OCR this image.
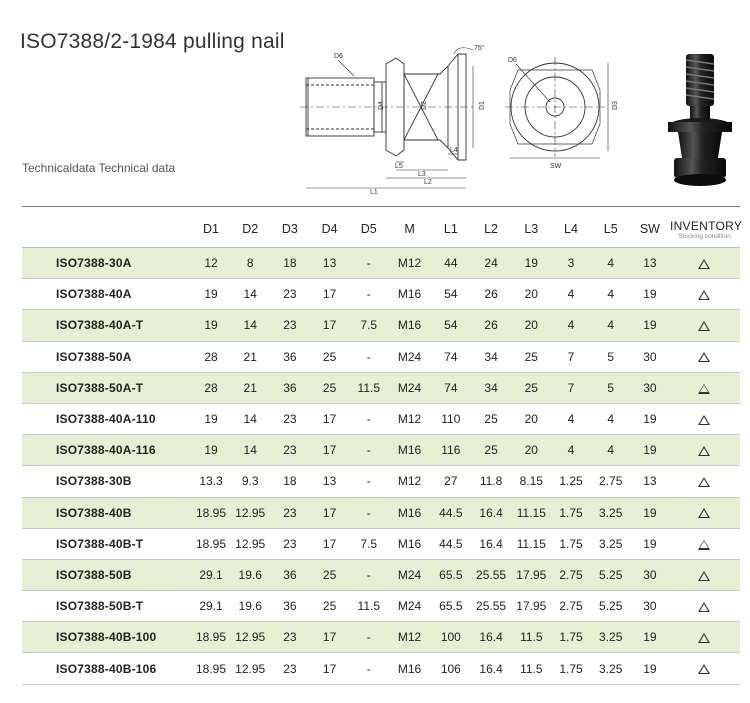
ISO7388/2-1984 pulling nail
D6
D4	D2	D1
L5
L4
L3
L2
L1
75°
D6
SW
D3
Technicaldata Technical data
	D1	D2	D3	D4	D5	M	L1	L2	L3	L4	L5	SW	INVENTORY
Stocking condition

ISO7388-30A	12	8	18	13	-	M12	44	24	19	3	4	13	
ISO7388-40A	19	14	23	17	-	M16	54	26	20	4	4	19	
ISO7388-40A-T	19	14	23	17	7.5	M16	54	26	20	4	4	19	
ISO7388-50A	28	21	36	25	-	M24	74	34	25	7	5	30	
ISO7388-50A-T	28	21	36	25	11.5	M24	74	34	25	7	5	30	
ISO7388-40A-110	19	14	23	17	-	M12	110	25	20	4	4	19	
ISO7388-40A-116	19	14	23	17	-	M16	116	25	20	4	4	19	
ISO7388-30B	13.3	9.3	18	13	-	M12	27	11.8	8.15	1.25	2.75	13	
ISO7388-40B	18.95	12.95	23	17	-	M16	44.5	16.4	11.15	1.75	3.25	19	
ISO7388-40B-T	18.95	12.95	23	17	7.5	M16	44.5	16.4	11.15	1.75	3.25	19	
ISO7388-50B	29.1	19.6	36	25	-	M24	65.5	25.55	17.95	2.75	5.25	30	
ISO7388-50B-T	29.1	19.6	36	25	11.5	M24	65.5	25.55	17.95	2.75	5.25	30	
ISO7388-40B-100	18.95	12.95	23	17	-	M12	100	16.4	11.5	1.75	3.25	19	
ISO7388-40B-106	18.95	12.95	23	17	-	M16	106	16.4	11.5	1.75	3.25	19	
